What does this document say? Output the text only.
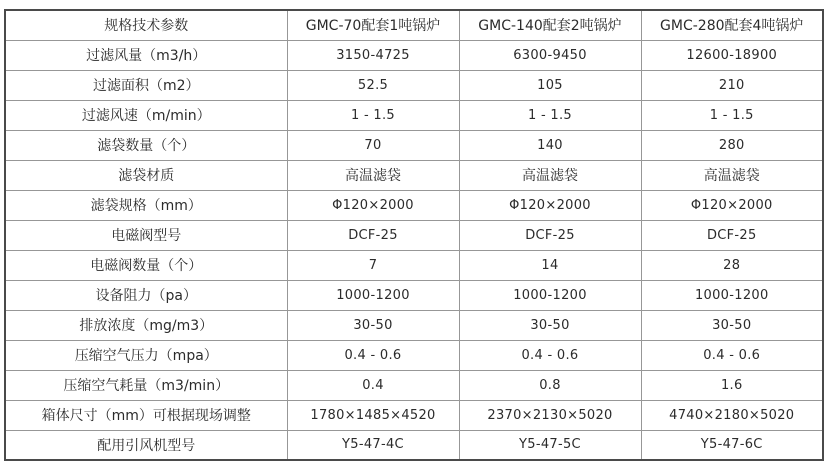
规格技术参数	GMC-70配套1吨锅炉	GMC-140配套2吨锅炉	GMC-280配套4吨锅炉
过滤风量（m3/h）	3150-4725	6300-9450	12600-18900
过滤面积（m2）	52.5	105	210
过滤风速（m/min）	1 - 1.5	1 - 1.5	1 - 1.5
滤袋数量（个）	70	140	280
滤袋材质	高温滤袋	高温滤袋	高温滤袋
滤袋规格（mm）	Φ120×2000	Φ120×2000	Φ120×2000
电磁阀型号	DCF-25	DCF-25	DCF-25
电磁阀数量（个）	7	14	28
设备阻力（pa）	1000-1200	1000-1200	1000-1200
排放浓度（mg/m3）	30-50	30-50	30-50
压缩空气压力（mpa）	0.4 - 0.6	0.4 - 0.6	0.4 - 0.6
压缩空气耗量（m3/min）	0.4	0.8	1.6
箱体尺寸（mm）可根据现场调整	1780×1485×4520	2370×2130×5020	4740×2180×5020
配用引风机型号	Y5-47-4C	Y5-47-5C	Y5-47-6C
